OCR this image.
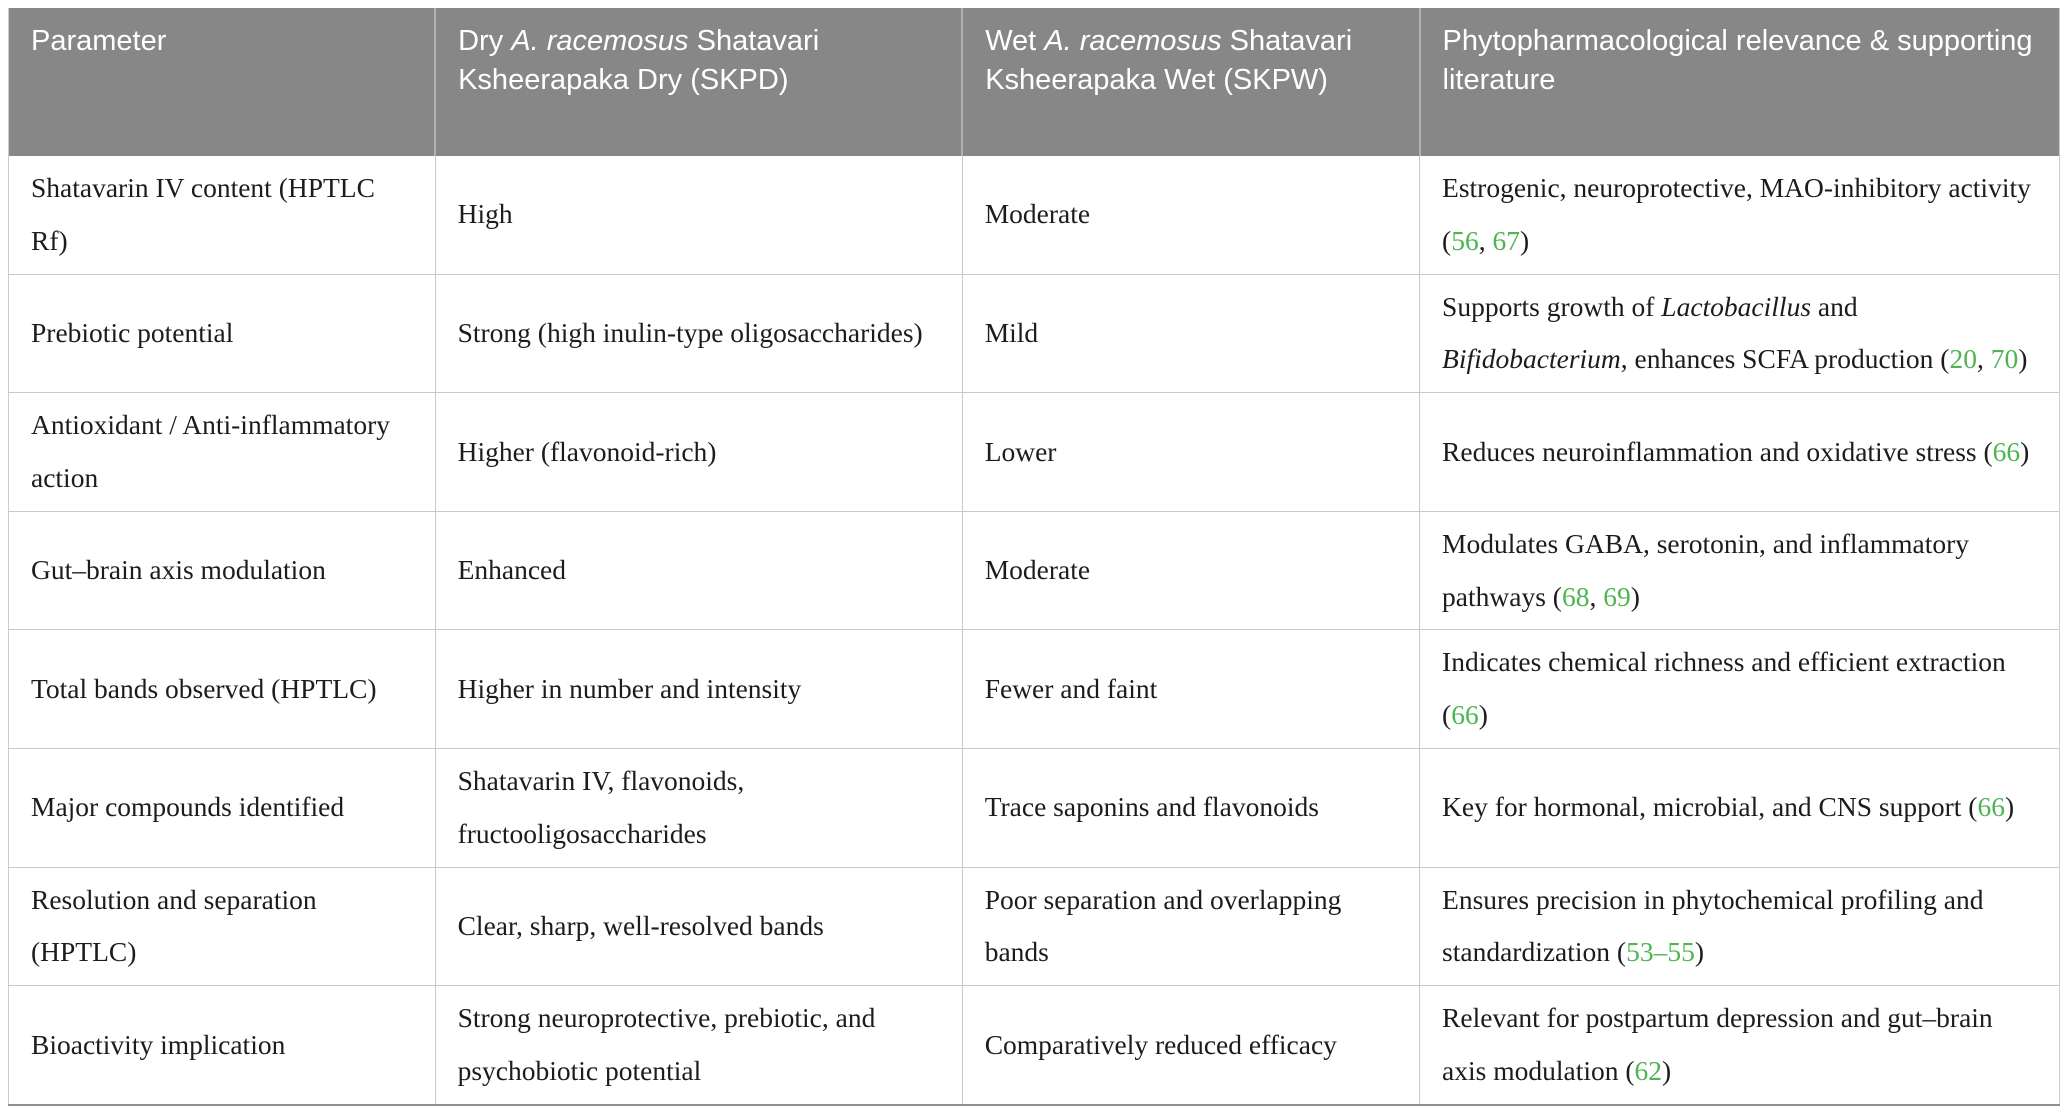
Parameter	Dry A. racemosus Shatavari Ksheerapaka Dry (SKPD)	Wet A. racemosus Shatavari Ksheerapaka Wet (SKPW)	Phytopharmacological relevance & supporting literature
Shatavarin IV content (HPTLC Rf)	High	Moderate	Estrogenic, neuroprotective, MAO-inhibitory activity (56, 67)
Prebiotic potential	Strong (high inulin-type oligosaccharides)	Mild	Supports growth of Lactobacillus and Bifidobacterium, enhances SCFA production (20, 70)
Antioxidant / Anti-inflammatory action	Higher (flavonoid-rich)	Lower	Reduces neuroinflammation and oxidative stress (66)
Gut–brain axis modulation	Enhanced	Moderate	Modulates GABA, serotonin, and inflammatory pathways (68, 69)
Total bands observed (HPTLC)	Higher in number and intensity	Fewer and faint	Indicates chemical richness and efficient extraction (66)
Major compounds identified	Shatavarin IV, flavonoids, fructooligosaccharides	Trace saponins and flavonoids	Key for hormonal, microbial, and CNS support (66)
Resolution and separation (HPTLC)	Clear, sharp, well-resolved bands	Poor separation and overlapping bands	Ensures precision in phytochemical profiling and standardization (53–55)
Bioactivity implication	Strong neuroprotective, prebiotic, and psychobiotic potential	Comparatively reduced efficacy	Relevant for postpartum depression and gut–brain axis modulation (62)
